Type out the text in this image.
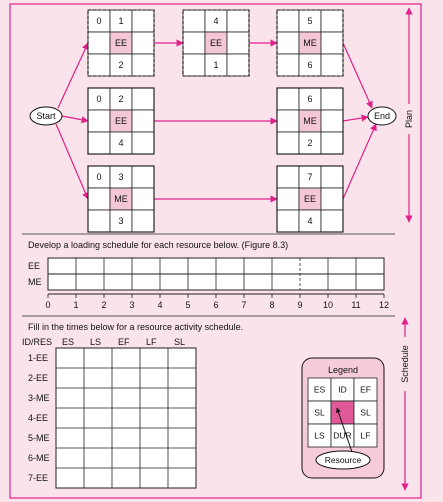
0 1
EE
2
4
EE
1
5
ME
6
0 2
EE
4
6
ME
2
0 3
ME
3
7
EE
4
Start	End Plan
Schedule
Develop a loading schedule for each resource below. (Figure 8.3)
EE
ME
0	1	2	3	4	5	6	7	8	9 10 11 12
Fill in the times below for a resource activity schedule.
ID/RES ES LS EF LF SL
1-EE
2-EE
3-ME
4-EE
5-ME
6-ME
7-EE
Legend
ES ID EF
SL	SL
LS DUR LF
Resource
